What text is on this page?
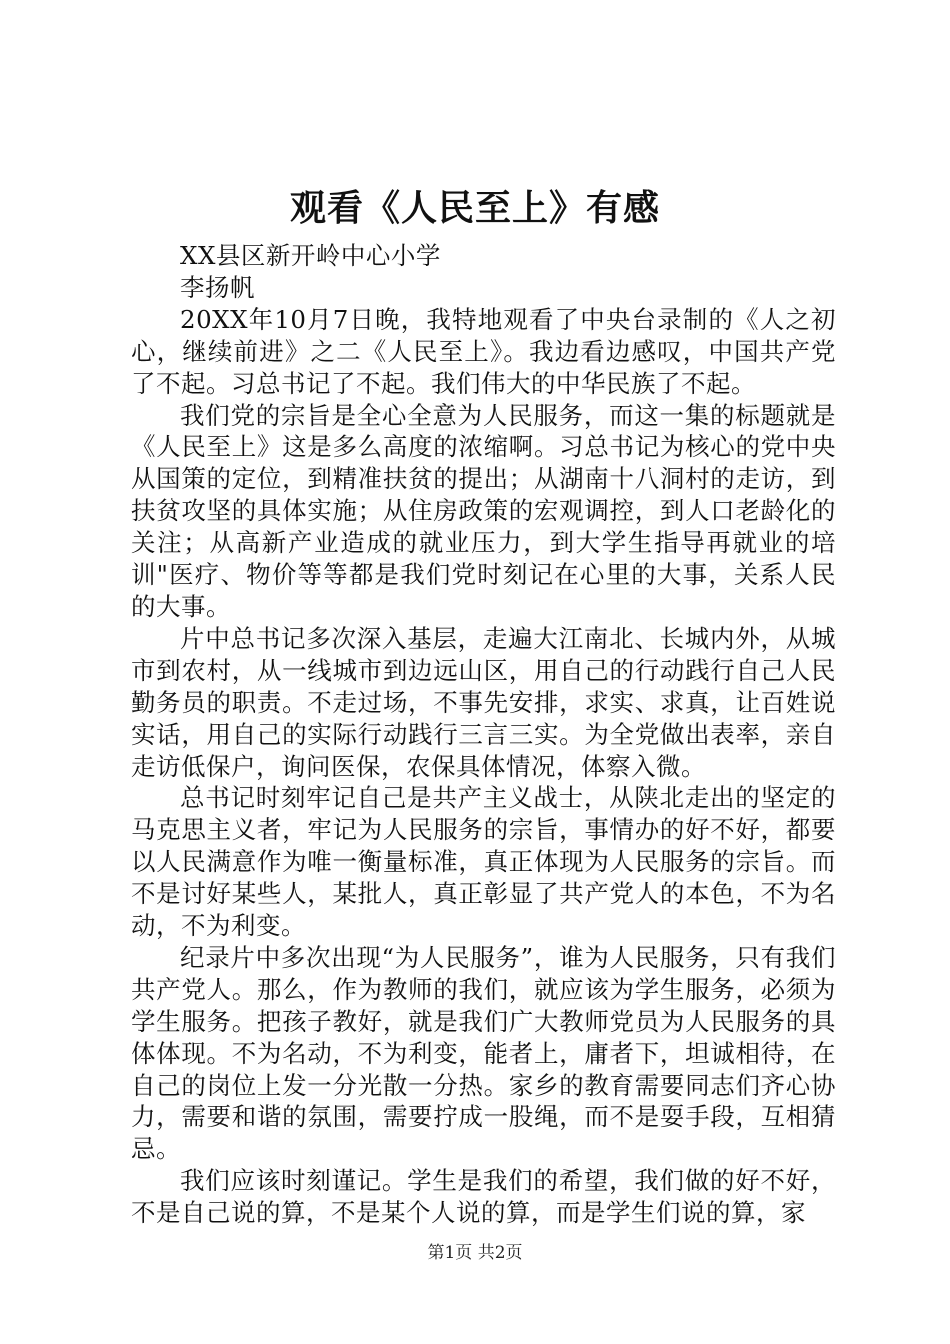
观看《人民至上》有感

XX县区新开岭中心小学

李扬帆

20XX年10月7日晚，我特地观看了中央台录制的《人之初心，继续前进》之二《人民至上》。我边看边感叹，中国共产党了不起。习总书记了不起。我们伟大的中华民族了不起。

我们党的宗旨是全心全意为人民服务，而这一集的标题就是《人民至上》这是多么高度的浓缩啊。习总书记为核心的党中央从国策的定位，到精准扶贫的提出；从湖南十八洞村的走访，到扶贫攻坚的具体实施；从住房政策的宏观调控，到人口老龄化的关注；从高新产业造成的就业压力，到大学生指导再就业的培训"医疗、物价等等都是我们党时刻记在心里的大事，关系人民的大事。

片中总书记多次深入基层，走遍大江南北、长城内外，从城市到农村，从一线城市到边远山区，用自己的行动践行自己人民勤务员的职责。不走过场，不事先安排，求实、求真，让百姓说实话，用自己的实际行动践行三言三实。为全党做出表率，亲自走访低保户，询问医保，农保具体情况，体察入微。

总书记时刻牢记自己是共产主义战士，从陕北走出的坚定的马克思主义者，牢记为人民服务的宗旨，事情办的好不好，都要以人民满意作为唯一衡量标准，真正体现为人民服务的宗旨。而不是讨好某些人，某批人，真正彰显了共产党人的本色，不为名动，不为利变。

纪录片中多次出现“为人民服务”，谁为人民服务，只有我们共产党人。那么，作为教师的我们，就应该为学生服务，必须为学生服务。把孩子教好，就是我们广大教师党员为人民服务的具体体现。不为名动，不为利变，能者上，庸者下，坦诚相待，在自己的岗位上发一分光散一分热。家乡的教育需要同志们齐心协力，需要和谐的氛围，需要拧成一股绳，而不是耍手段，互相猜忌。

我们应该时刻谨记。学生是我们的希望，我们做的好不好，不是自己说的算，不是某个人说的算，而是学生们说的算，家

第1页 共2页
